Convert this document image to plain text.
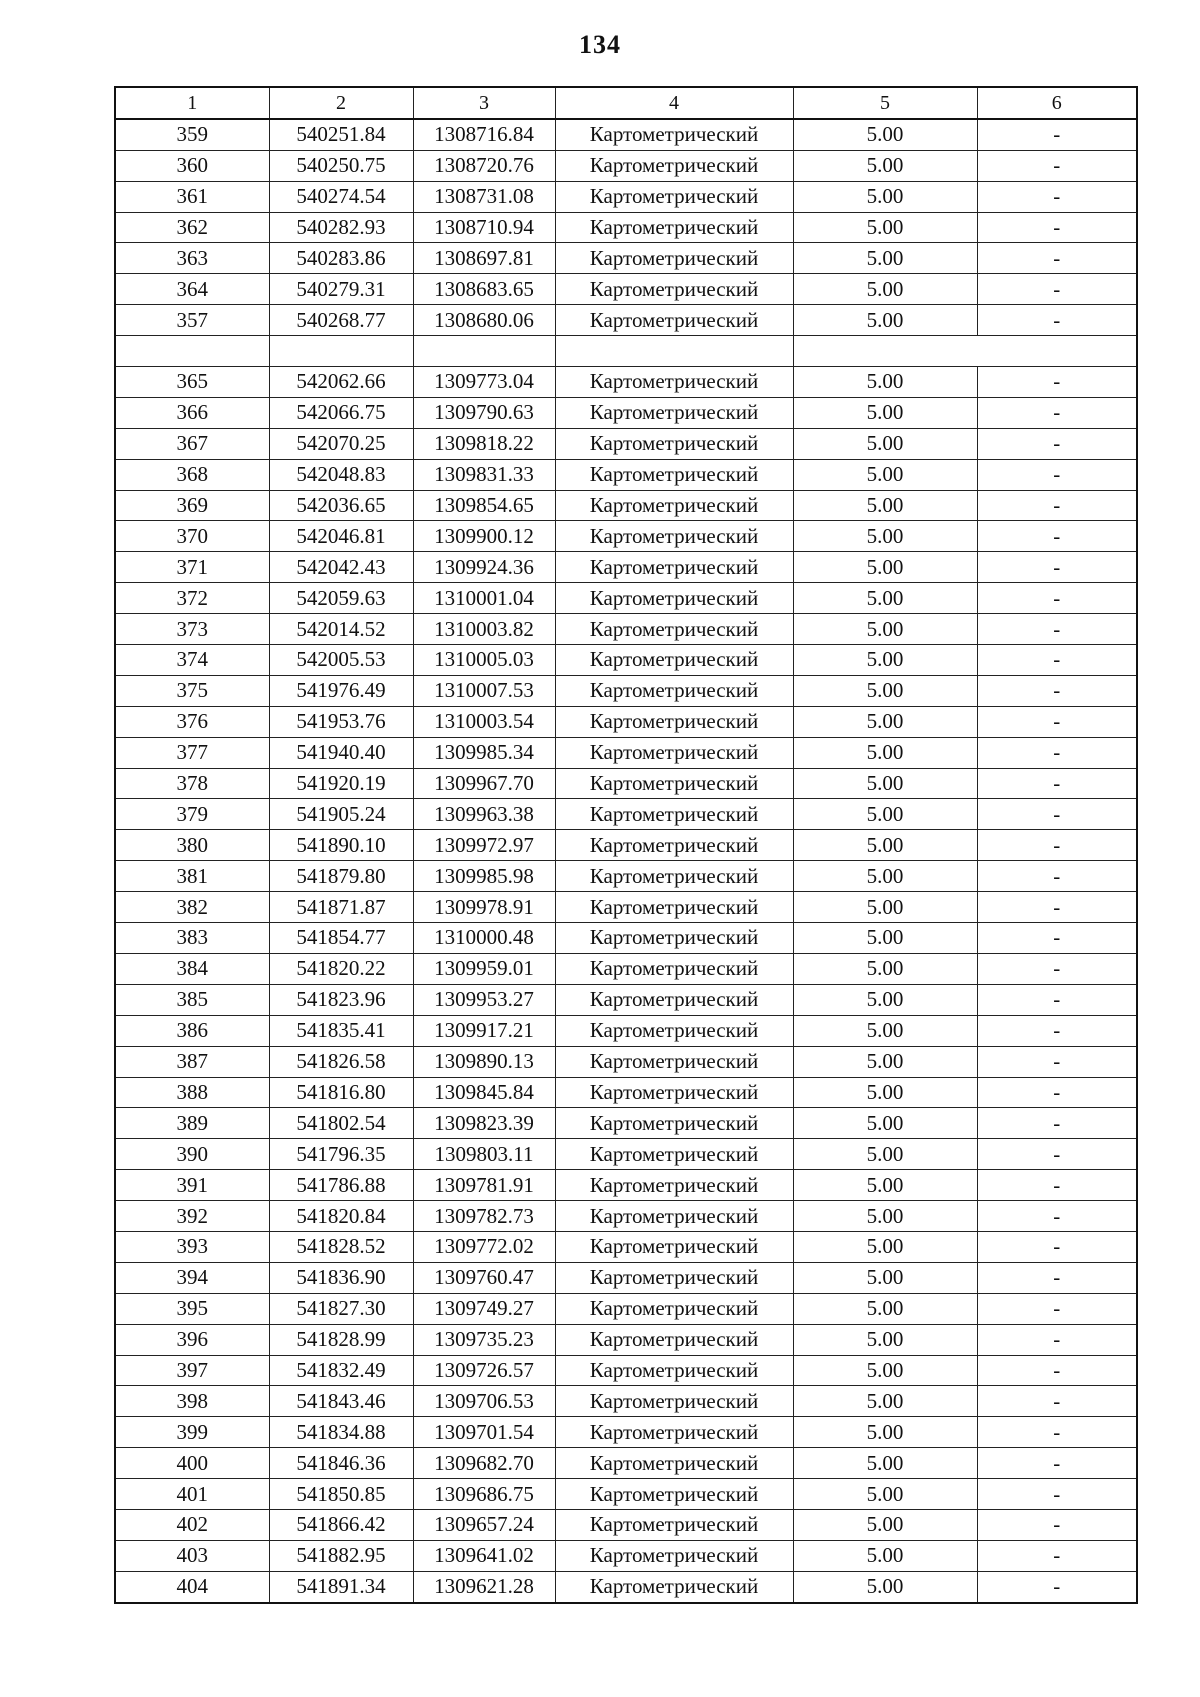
134
1	2	3	4	5	6
359	540251.84	1308716.84	Картометрический	5.00	-
360	540250.75	1308720.76	Картометрический	5.00	-
361	540274.54	1308731.08	Картометрический	5.00	-
362	540282.93	1308710.94	Картометрический	5.00	-
363	540283.86	1308697.81	Картометрический	5.00	-
364	540279.31	1308683.65	Картометрический	5.00	-
357	540268.77	1308680.06	Картометрический	5.00	-

365	542062.66	1309773.04	Картометрический	5.00	-
366	542066.75	1309790.63	Картометрический	5.00	-
367	542070.25	1309818.22	Картометрический	5.00	-
368	542048.83	1309831.33	Картометрический	5.00	-
369	542036.65	1309854.65	Картометрический	5.00	-
370	542046.81	1309900.12	Картометрический	5.00	-
371	542042.43	1309924.36	Картометрический	5.00	-
372	542059.63	1310001.04	Картометрический	5.00	-
373	542014.52	1310003.82	Картометрический	5.00	-
374	542005.53	1310005.03	Картометрический	5.00	-
375	541976.49	1310007.53	Картометрический	5.00	-
376	541953.76	1310003.54	Картометрический	5.00	-
377	541940.40	1309985.34	Картометрический	5.00	-
378	541920.19	1309967.70	Картометрический	5.00	-
379	541905.24	1309963.38	Картометрический	5.00	-
380	541890.10	1309972.97	Картометрический	5.00	-
381	541879.80	1309985.98	Картометрический	5.00	-
382	541871.87	1309978.91	Картометрический	5.00	-
383	541854.77	1310000.48	Картометрический	5.00	-
384	541820.22	1309959.01	Картометрический	5.00	-
385	541823.96	1309953.27	Картометрический	5.00	-
386	541835.41	1309917.21	Картометрический	5.00	-
387	541826.58	1309890.13	Картометрический	5.00	-
388	541816.80	1309845.84	Картометрический	5.00	-
389	541802.54	1309823.39	Картометрический	5.00	-
390	541796.35	1309803.11	Картометрический	5.00	-
391	541786.88	1309781.91	Картометрический	5.00	-
392	541820.84	1309782.73	Картометрический	5.00	-
393	541828.52	1309772.02	Картометрический	5.00	-
394	541836.90	1309760.47	Картометрический	5.00	-
395	541827.30	1309749.27	Картометрический	5.00	-
396	541828.99	1309735.23	Картометрический	5.00	-
397	541832.49	1309726.57	Картометрический	5.00	-
398	541843.46	1309706.53	Картометрический	5.00	-
399	541834.88	1309701.54	Картометрический	5.00	-
400	541846.36	1309682.70	Картометрический	5.00	-
401	541850.85	1309686.75	Картометрический	5.00	-
402	541866.42	1309657.24	Картометрический	5.00	-
403	541882.95	1309641.02	Картометрический	5.00	-
404	541891.34	1309621.28	Картометрический	5.00	-
